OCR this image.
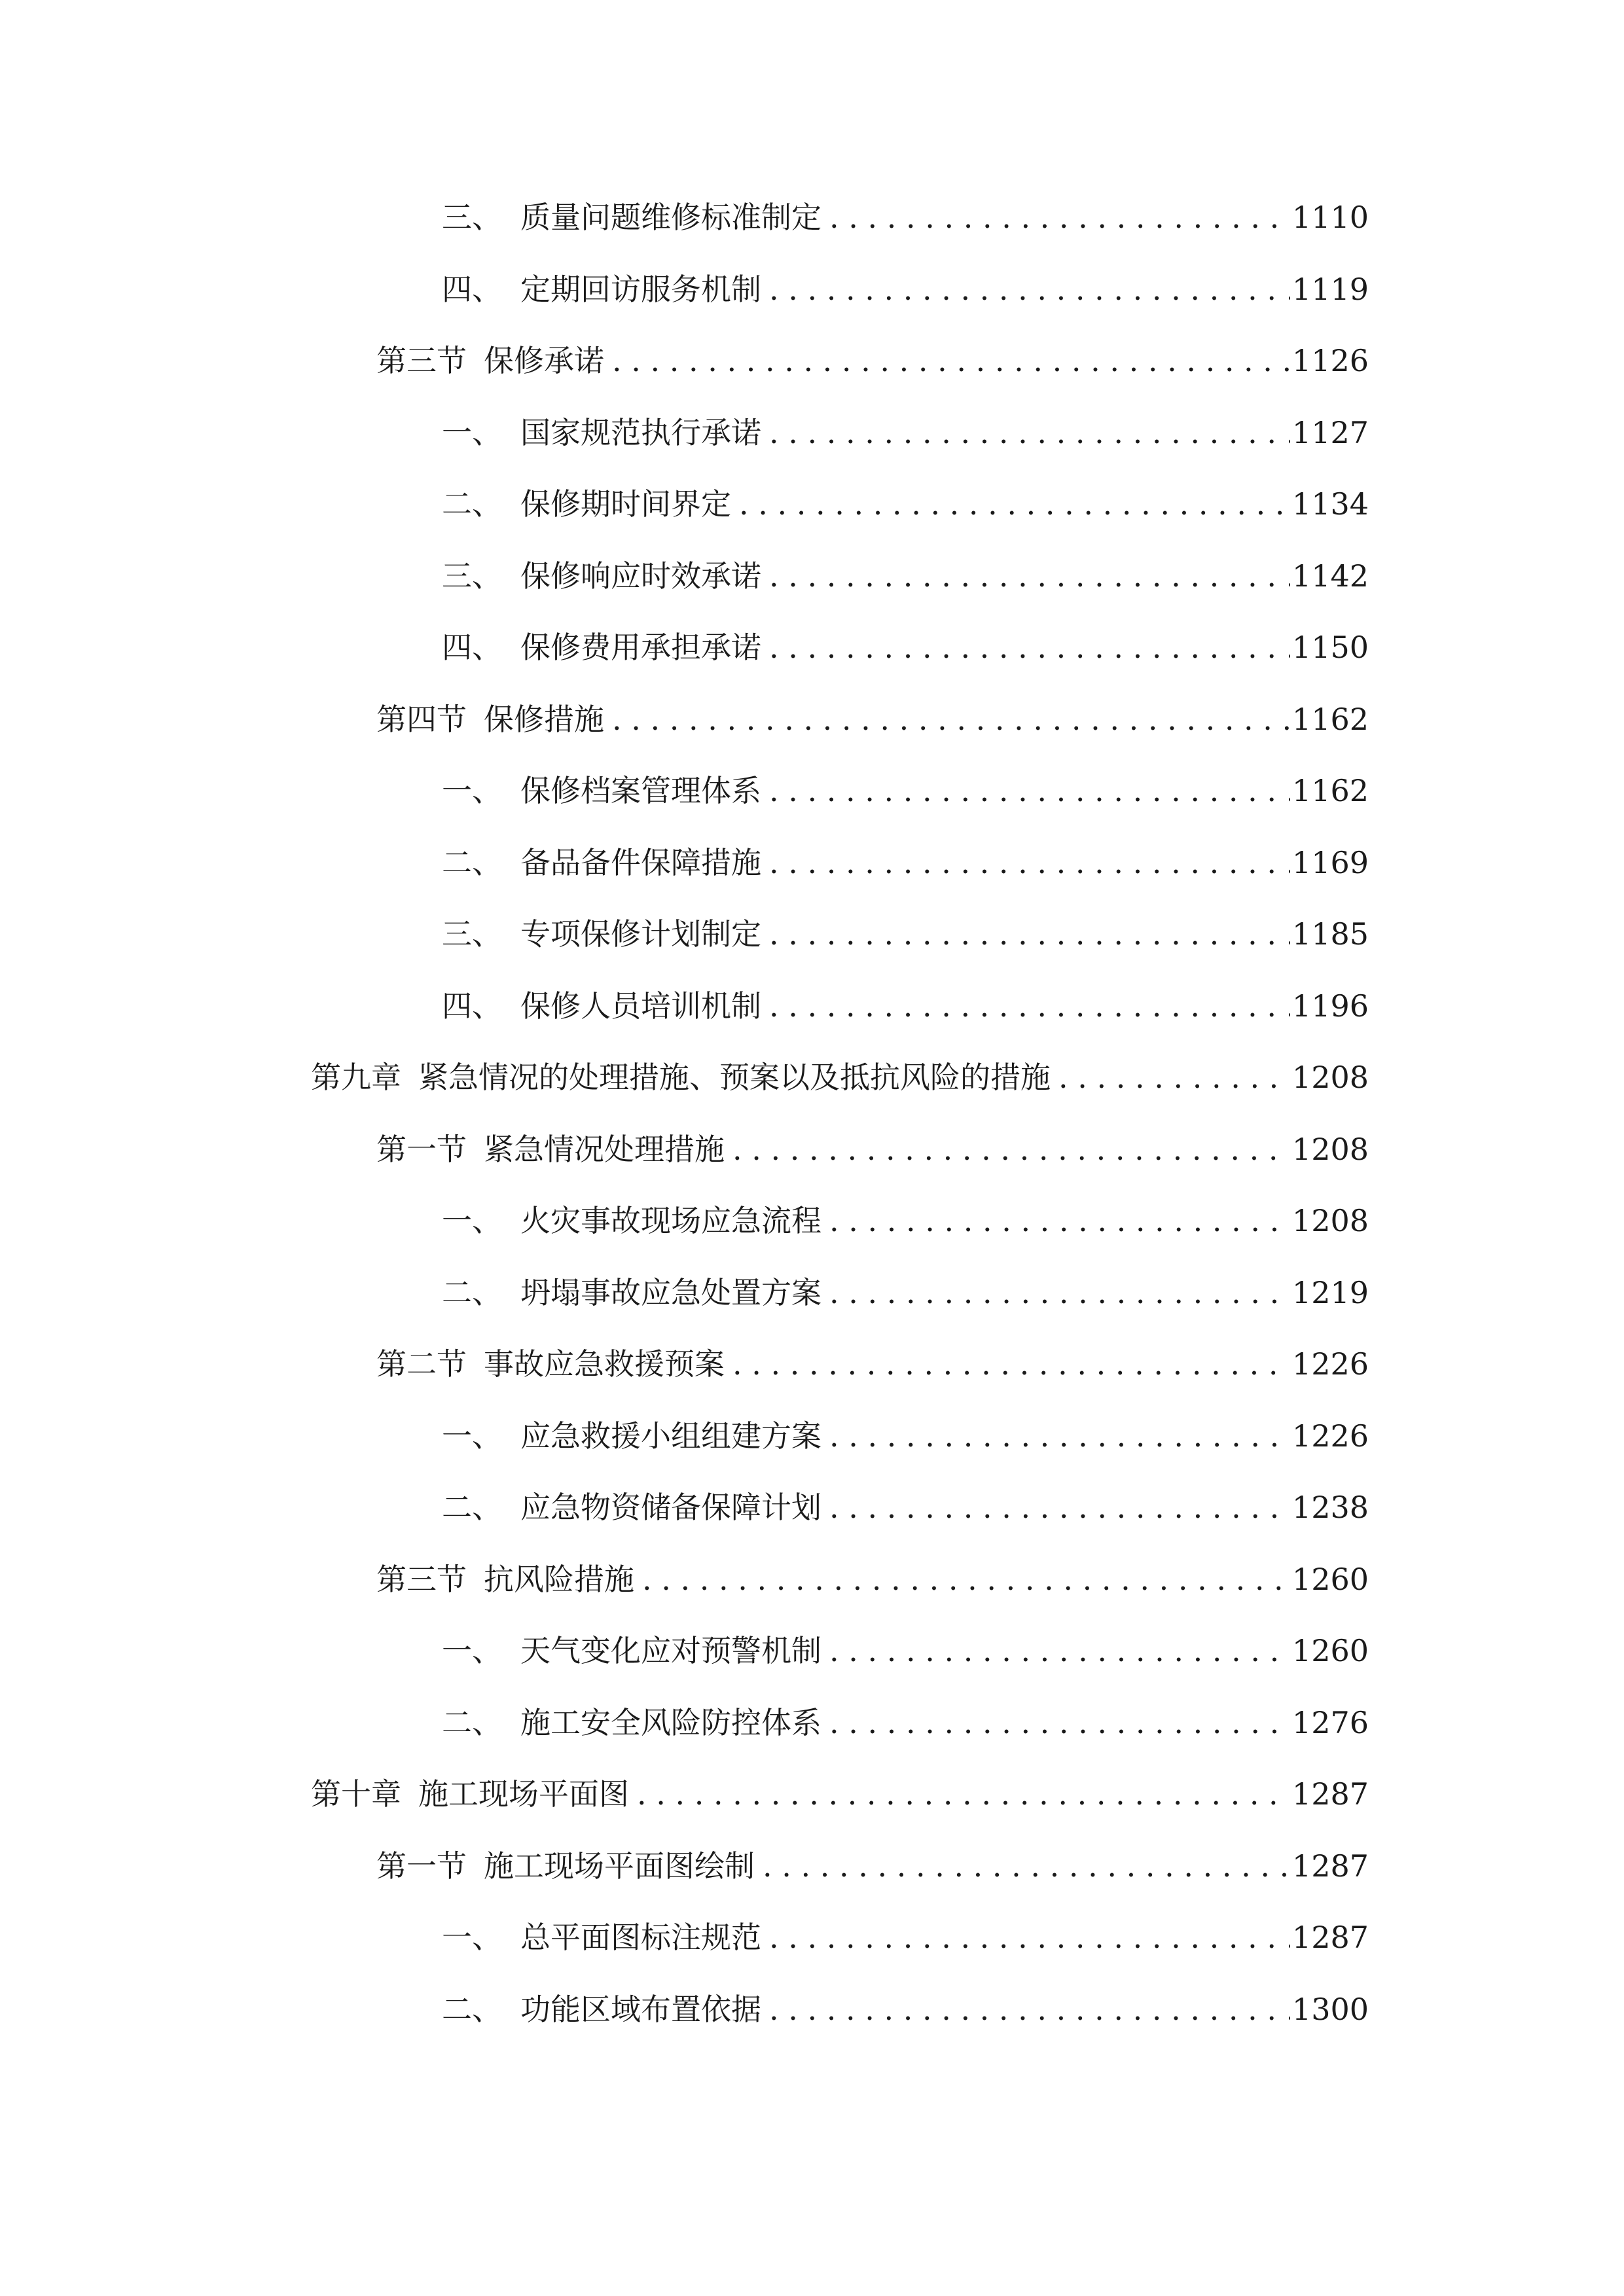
三、 质量问题维修标准制定 . . .	1110
四、 定期回访服务机制 . . .	1119
第三节 保修承诺 . . .	1126
一、 国家规范执行承诺 . . .	1127
二、 保修期时间界定 . . .	1134
三、 保修响应时效承诺 . . .	1142
四、 保修费用承担承诺 . . .	1150
第四节 保修措施 . . .	1162
一、 保修档案管理体系 . . .	1162
二、 备品备件保障措施 . . .	1169
三、 专项保修计划制定 . . .	1185
四、 保修人员培训机制 . . .	1196
第九章 紧急情况的处理措施、预案以及抵抗风险的措施 . . .	1208
第一节 紧急情况处理措施 . . .	1208
一、 火灾事故现场应急流程 . . .	1208
二、 坍塌事故应急处置方案 . . .	1219
第二节 事故应急救援预案 . . .	1226
一、 应急救援小组组建方案 . . .	1226
二、 应急物资储备保障计划 . . .	1238
第三节 抗风险措施 . . .	1260
一、 天气变化应对预警机制 . . .	1260
二、 施工安全风险防控体系 . . .	1276
第十章 施工现场平面图 . . .	1287
第一节 施工现场平面图绘制 . . .	1287
一、 总平面图标注规范 . . .	1287
二、 功能区域布置依据 . . .	1300
